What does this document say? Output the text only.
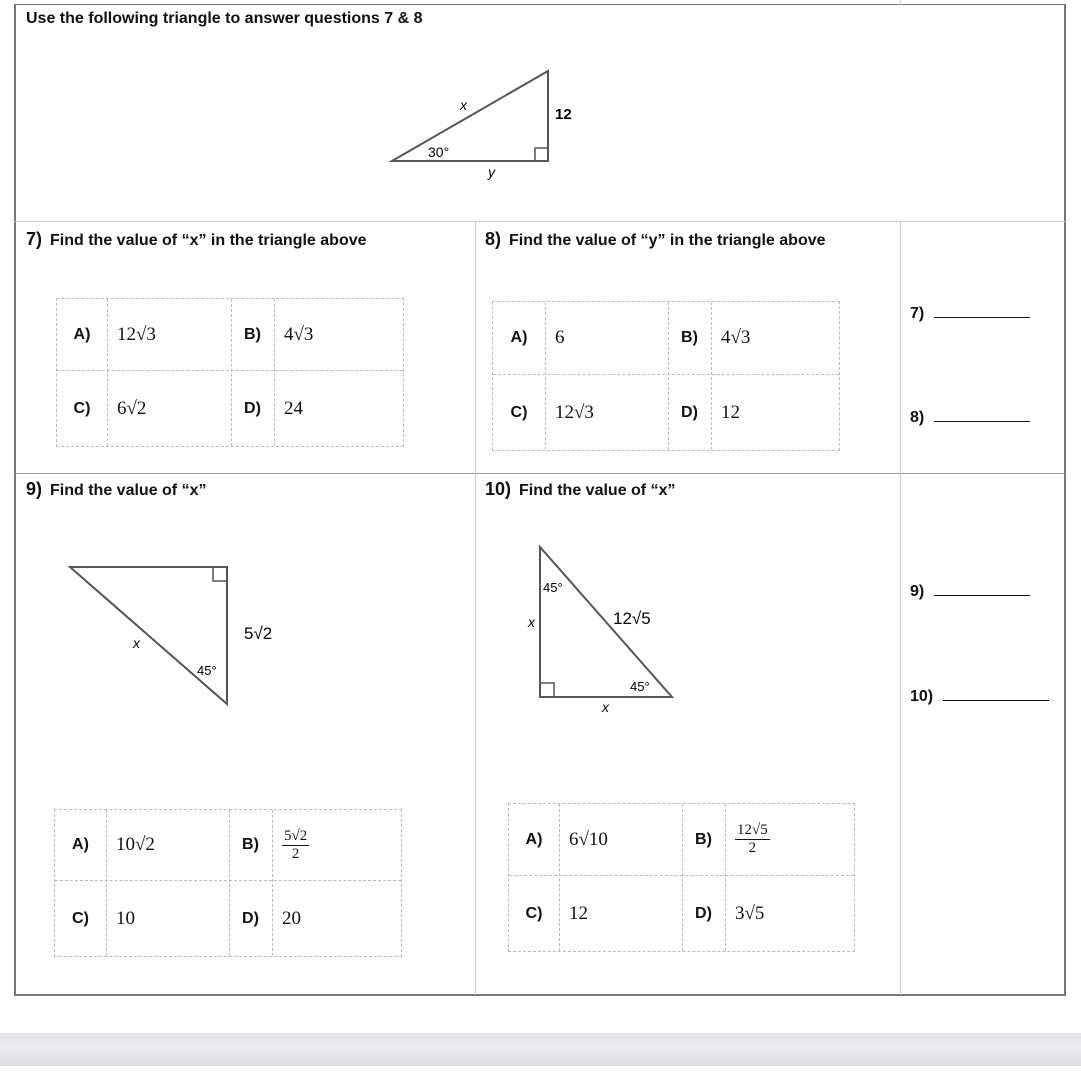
Use the following triangle to answer questions 7 & 8
x
12
30°
y
7) Find the value of “x” in the triangle above
A)	12√3	B)	4√3
C)	6√2	D)	24
8) Find the value of “y” in the triangle above
A)	6	B)	4√3
C)	12√3	D)	12
9) Find the value of “x”
x
45°
5√2
A)	10√2	B)	$\frac{5√2}{2}$
C)	10	D)	20
10) Find the value of “x”
45°
12√5
x
45°
x
A)	6√10	B)	$\frac{12√5}{2}$
C)	12	D)	3√5
7)
8)
9)
10)
